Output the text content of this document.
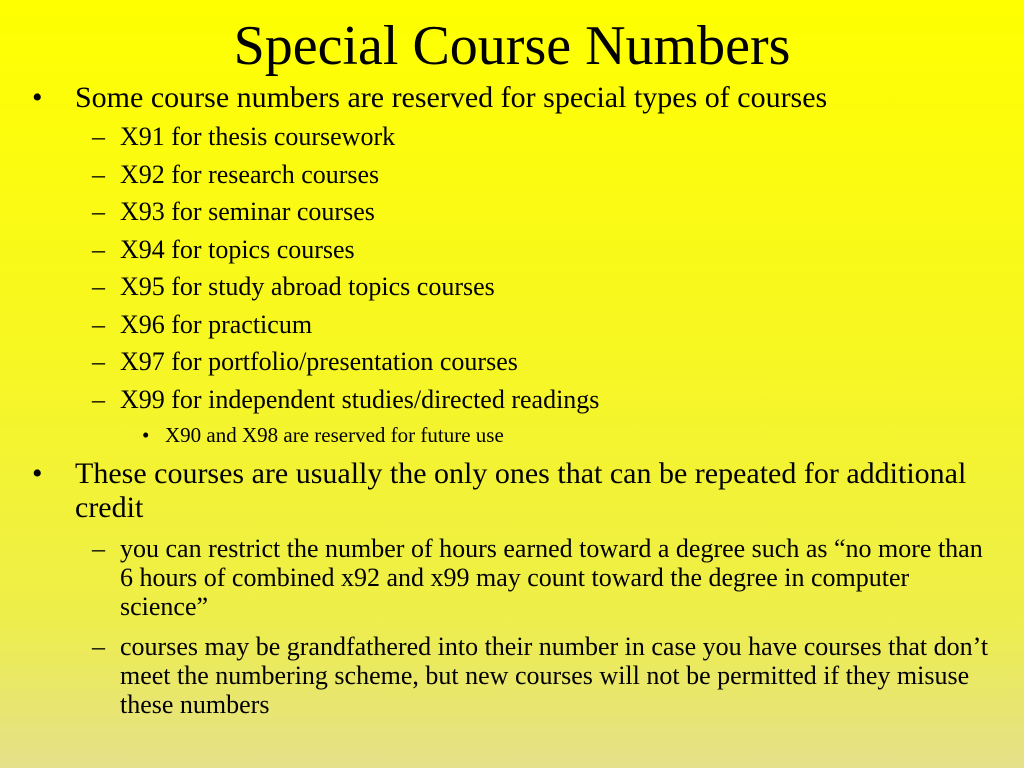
Special Course Numbers
•	Some course numbers are reserved for special types of courses
– X91 for thesis coursework
– X92 for research courses
– X93 for seminar courses
– X94 for topics courses
– X95 for study abroad topics courses
– X96 for practicum
– X97 for portfolio/presentation courses
– X99 for independent studies/directed readings
• X90 and X98 are reserved for future use
•	These courses are usually the only ones that can be repeated for additional credit
– you can restrict the number of hours earned toward a degree such as “no more than 6 hours of combined x92 and x99 may count toward the degree in computer science”
– courses may be grandfathered into their number in case you have courses that don’t meet the numbering scheme, but new courses will not be permitted if they misuse these numbers
